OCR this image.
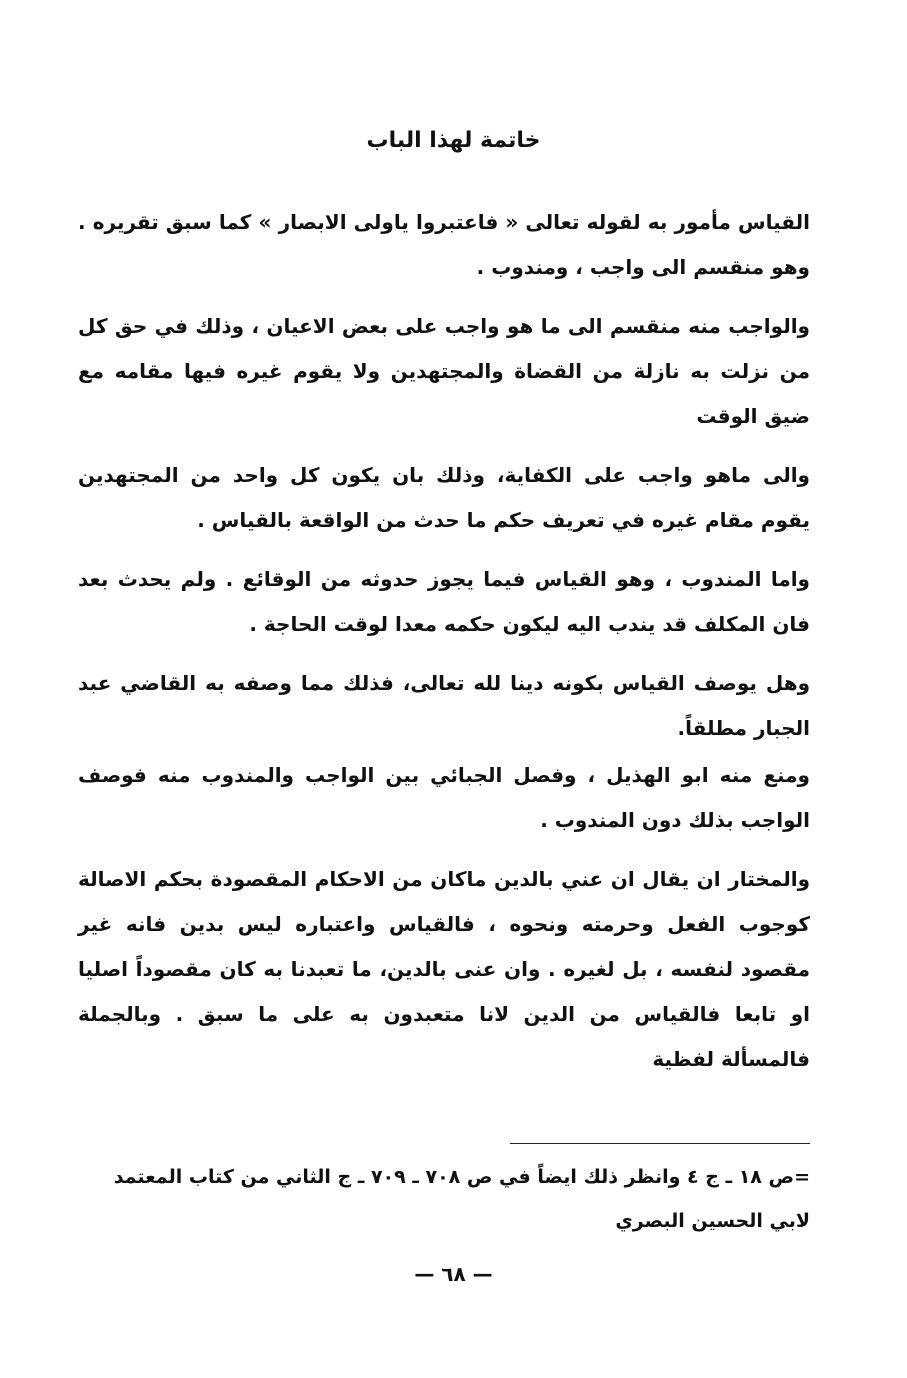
خاتمة لهذا الباب

القياس مأمور به لقوله تعالى « فاعتبروا ياولى الابصار » كما سبق تقريره . وهو منقسم الى واجب ، ومندوب .

والواجب منه منقسم الى ما هو واجب على بعض الاعيان ، وذلك في حق كل من نزلت به نازلة من القضاة والمجتهدين ولا يقوم غيره فيها مقامه مع ضيق الوقت

والى ماهو واجب على الكفاية، وذلك بان يكون كل واحد من المجتهدين يقوم مقام غيره في تعريف حكم ما حدث من الواقعة بالقياس .

واما المندوب ، وهو القياس فيما يجوز حدوثه من الوقائع . ولم يحدث بعد فان المكلف قد يندب اليه ليكون حكمه معدا لوقت الحاجة .

وهل يوصف القياس بكونه دينا لله تعالى، فذلك مما وصفه به القاضي عبد الجبار مطلقاً.

ومنع منه ابو الهذيل ، وفصل الجبائي بين الواجب والمندوب منه فوصف الواجب بذلك دون المندوب .

والمختار ان يقال ان عني بالدين ماكان من الاحكام المقصودة بحكم الاصالة كوجوب الفعل وحرمته ونحوه ، فالقياس واعتباره ليس بدين فانه غير مقصود لنفسه ، بل لغيره . وان عنى بالدين، ما تعبدنا به كان مقصوداً اصليا او تابعا فالقياس من الدين لانا متعبدون به على ما سبق . وبالجملة فالمسألة لفظية

=ص ١٨ ـ ج ٤ وانظر ذلك ايضاً في ص ٧٠٨ ـ ٧٠٩ ـ ج الثاني من كتاب المعتمد لابي الحسين البصري
— ٦٨ —
